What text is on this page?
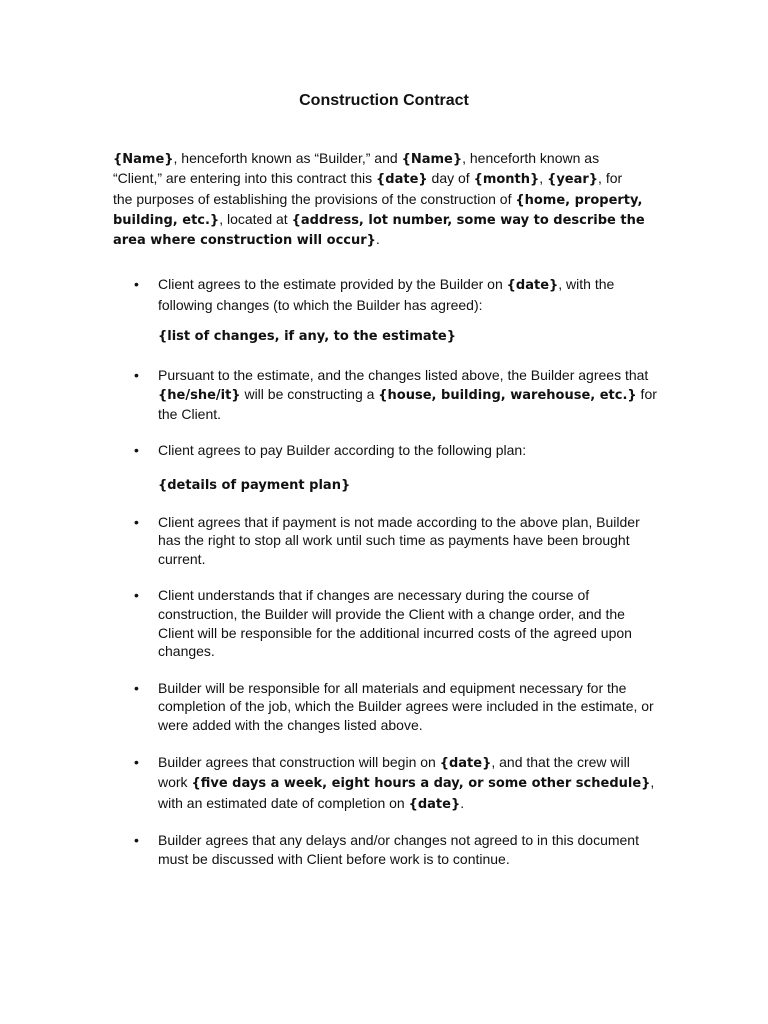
Construction Contract
{Name}, henceforth known as “Builder,” and {Name}, henceforth known as “Client,” are entering into this contract this {date} day of {month}, {year}, for the purposes of establishing the provisions of the construction of {home, property, building, etc.}, located at {address, lot number, some way to describe the area where construction will occur}.
• Client agrees to the estimate provided by the Builder on {date}, with the following changes (to which the Builder has agreed):
{list of changes, if any, to the estimate}
• Pursuant to the estimate, and the changes listed above, the Builder agrees that {he/she/it} will be constructing a {house, building, warehouse, etc.} for the Client.
• Client agrees to pay Builder according to the following plan:
{details of payment plan}
• Client agrees that if payment is not made according to the above plan, Builder has the right to stop all work until such time as payments have been brought current.
• Client understands that if changes are necessary during the course of construction, the Builder will provide the Client with a change order, and the Client will be responsible for the additional incurred costs of the agreed upon changes.
• Builder will be responsible for all materials and equipment necessary for the completion of the job, which the Builder agrees were included in the estimate, or were added with the changes listed above.
• Builder agrees that construction will begin on {date}, and that the crew will work {five days a week, eight hours a day, or some other schedule}, with an estimated date of completion on {date}.
• Builder agrees that any delays and/or changes not agreed to in this document must be discussed with Client before work is to continue.
